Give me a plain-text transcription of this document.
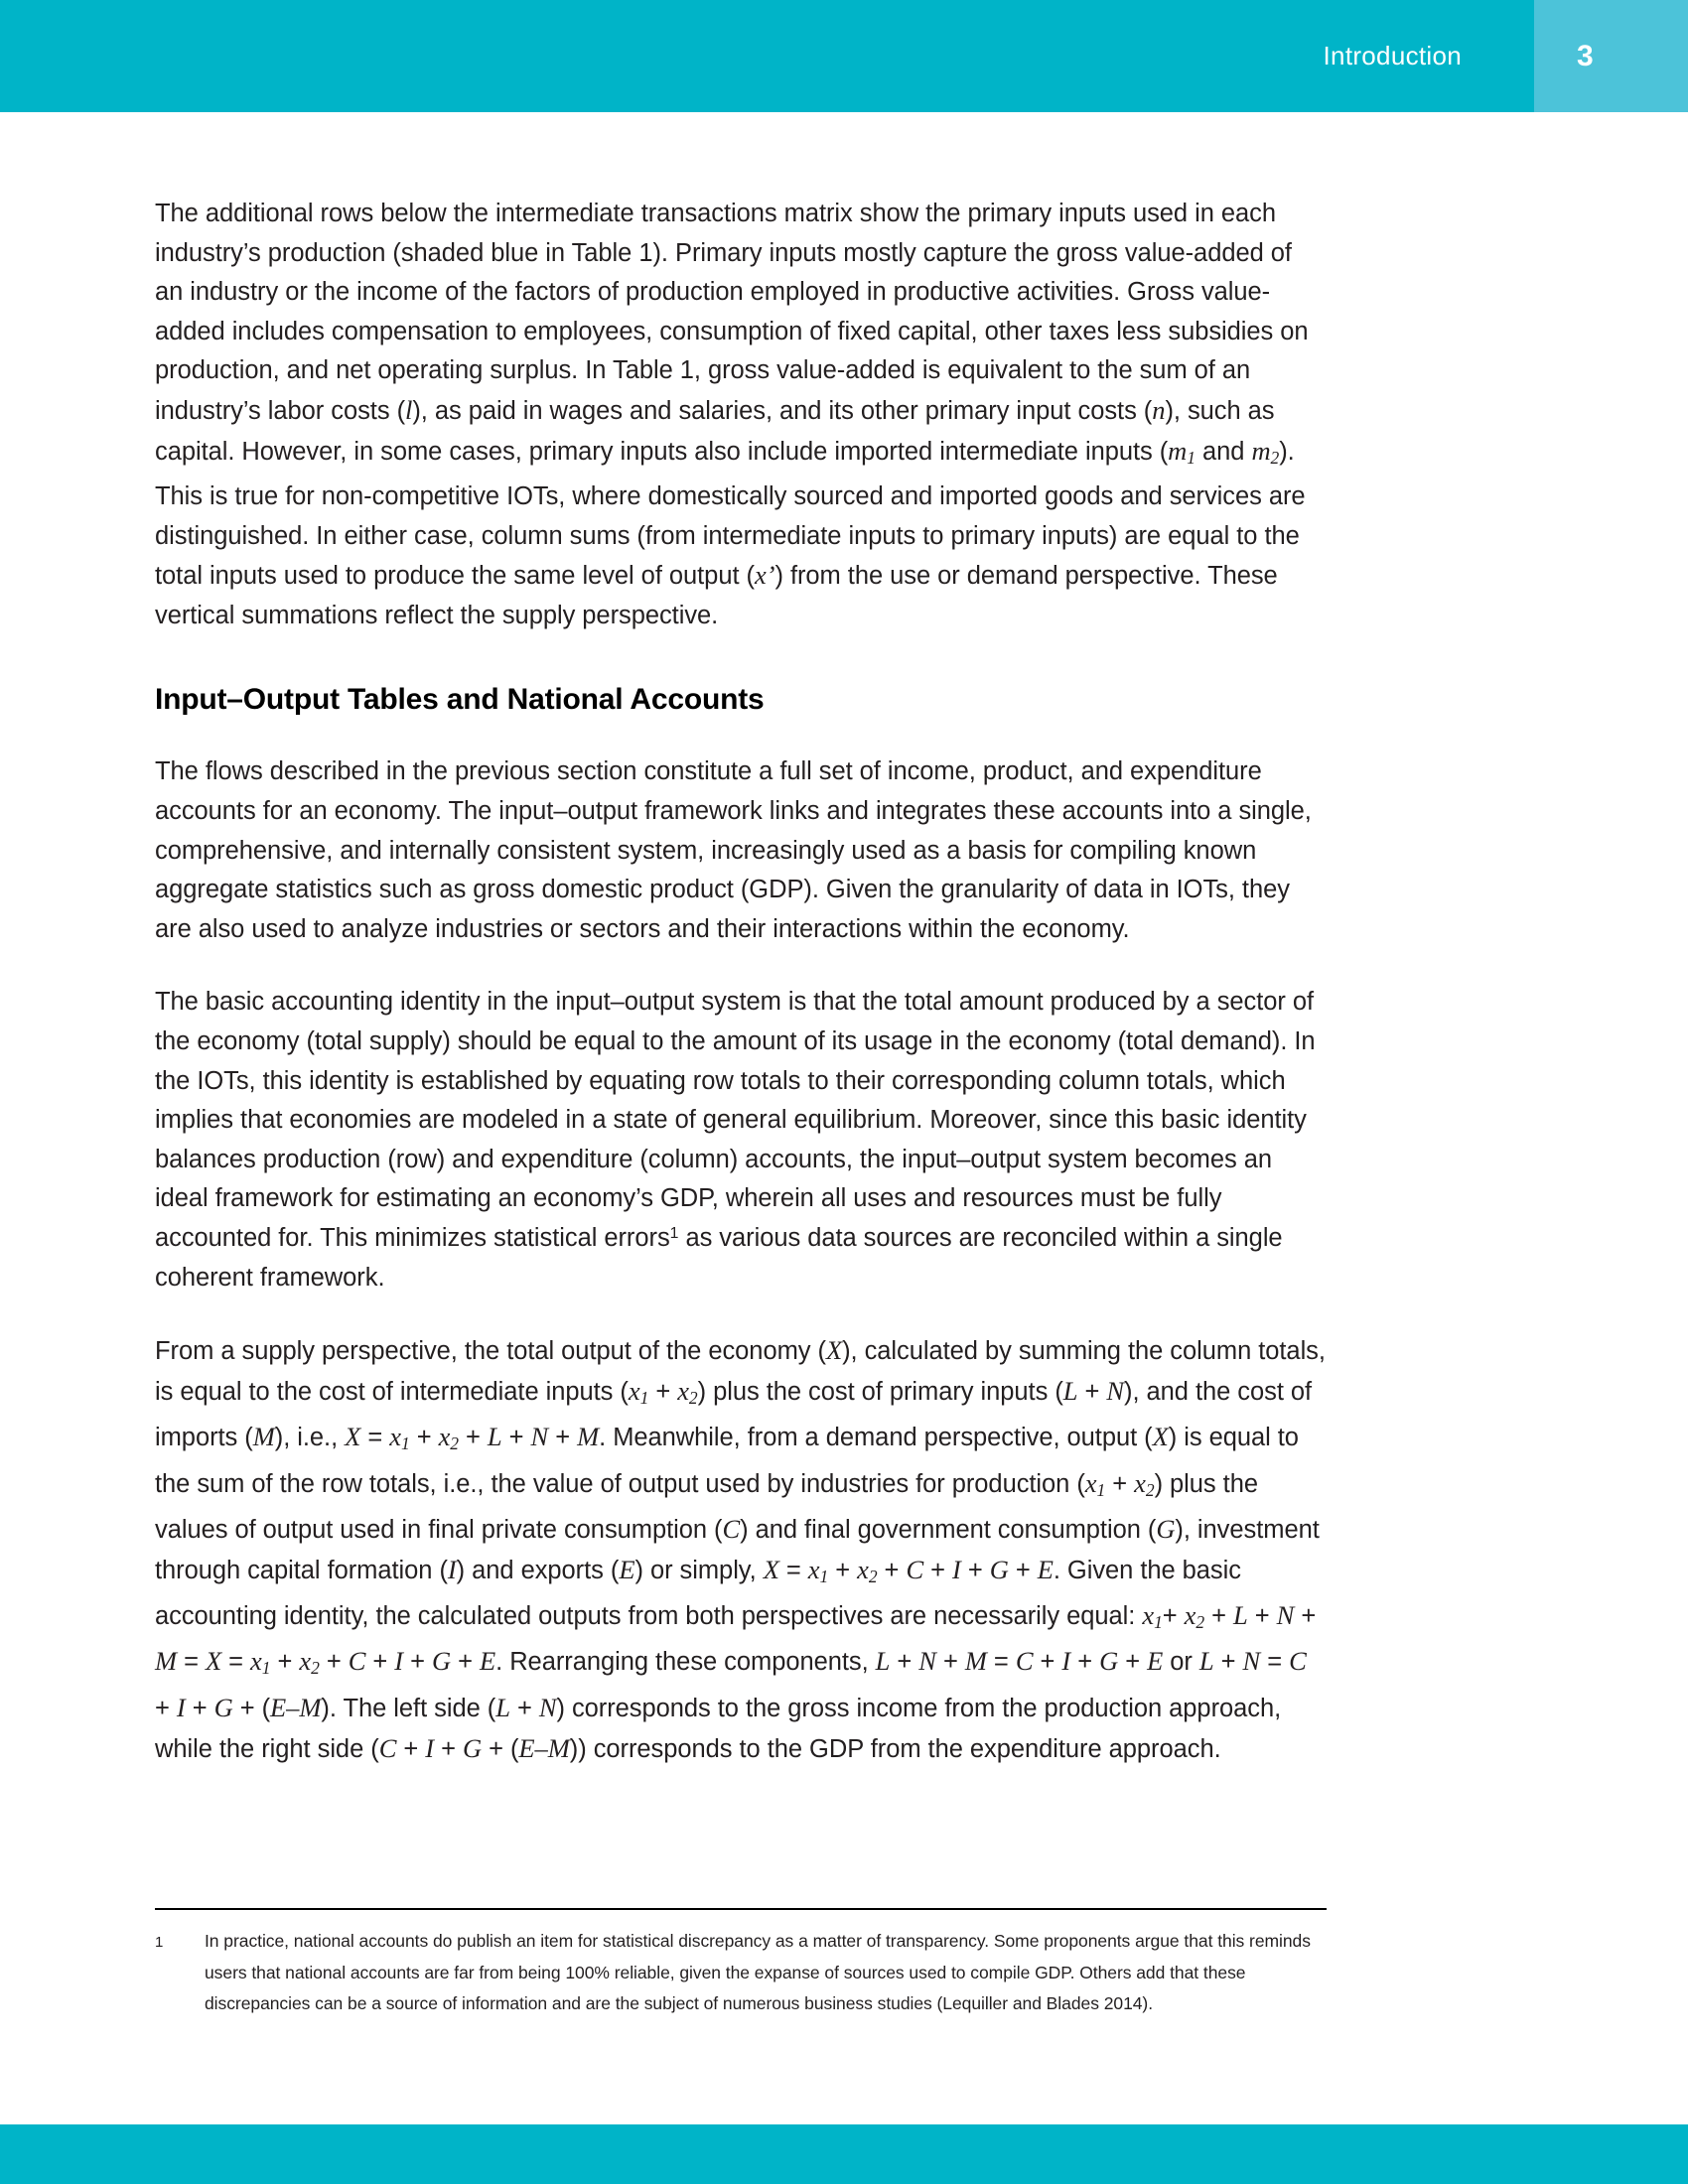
Introduction	3

The additional rows below the intermediate transactions matrix show the primary inputs used in each industry’s production (shaded blue in Table 1). Primary inputs mostly capture the gross value-added of an industry or the income of the factors of production employed in productive activities. Gross value-added includes compensation to employees, consumption of fixed capital, other taxes less subsidies on production, and net operating surplus. In Table 1, gross value-added is equivalent to the sum of an industry’s labor costs (l), as paid in wages and salaries, and its other primary input costs (n), such as capital. However, in some cases, primary inputs also include imported intermediate inputs ($m_1$ and $m_2$). This is true for non-competitive IOTs, where domestically sourced and imported goods and services are distinguished. In either case, column sums (from intermediate inputs to primary inputs) are equal to the total inputs used to produce the same level of output (x’) from the use or demand perspective. These vertical summations reflect the supply perspective.

Input–Output Tables and National Accounts

The flows described in the previous section constitute a full set of income, product, and expenditure accounts for an economy. The input–output framework links and integrates these accounts into a single, comprehensive, and internally consistent system, increasingly used as a basis for compiling known aggregate statistics such as gross domestic product (GDP). Given the granularity of data in IOTs, they are also used to analyze industries or sectors and their interactions within the economy.

The basic accounting identity in the input–output system is that the total amount produced by a sector of the economy (total supply) should be equal to the amount of its usage in the economy (total demand). In the IOTs, this identity is established by equating row totals to their corresponding column totals, which implies that economies are modeled in a state of general equilibrium. Moreover, since this basic identity balances production (row) and expenditure (column) accounts, the input–output system becomes an ideal framework for estimating an economy’s GDP, wherein all uses and resources must be fully accounted for. This minimizes statistical errors$^1$ as various data sources are reconciled within a single coherent framework.

From a supply perspective, the total output of the economy (X), calculated by summing the column totals, is equal to the cost of intermediate inputs $(x_1 + x_2)$ plus the cost of primary inputs (L + N), and the cost of imports (M), i.e., $X = x_1 + x_2 + L + N + M$. Meanwhile, from a demand perspective, output (X) is equal to the sum of the row totals, i.e., the value of output used by industries for production $(x_1 + x_2)$ plus the values of output used in final private consumption (C) and final government consumption (G), investment through capital formation (I) and exports (E) or simply, $X = x_1 + x_2 + C + I + G + E$. Given the basic accounting identity, the calculated outputs from both perspectives are necessarily equal: $x_1+ x_2 + L + N + M = X = x_1 + x_2 + C + I + G + E$. Rearranging these components, L + N + M = C + I + G + E or L + N = C + I + G + (E–M). The left side (L + N) corresponds to the gross income from the production approach, while the right side (C + I + G + (E–M)) corresponds to the GDP from the expenditure approach.

1	In practice, national accounts do publish an item for statistical discrepancy as a matter of transparency. Some proponents argue that this reminds users that national accounts are far from being 100% reliable, given the expanse of sources used to compile GDP. Others add that these discrepancies can be a source of information and are the subject of numerous business studies (Lequiller and Blades 2014).
